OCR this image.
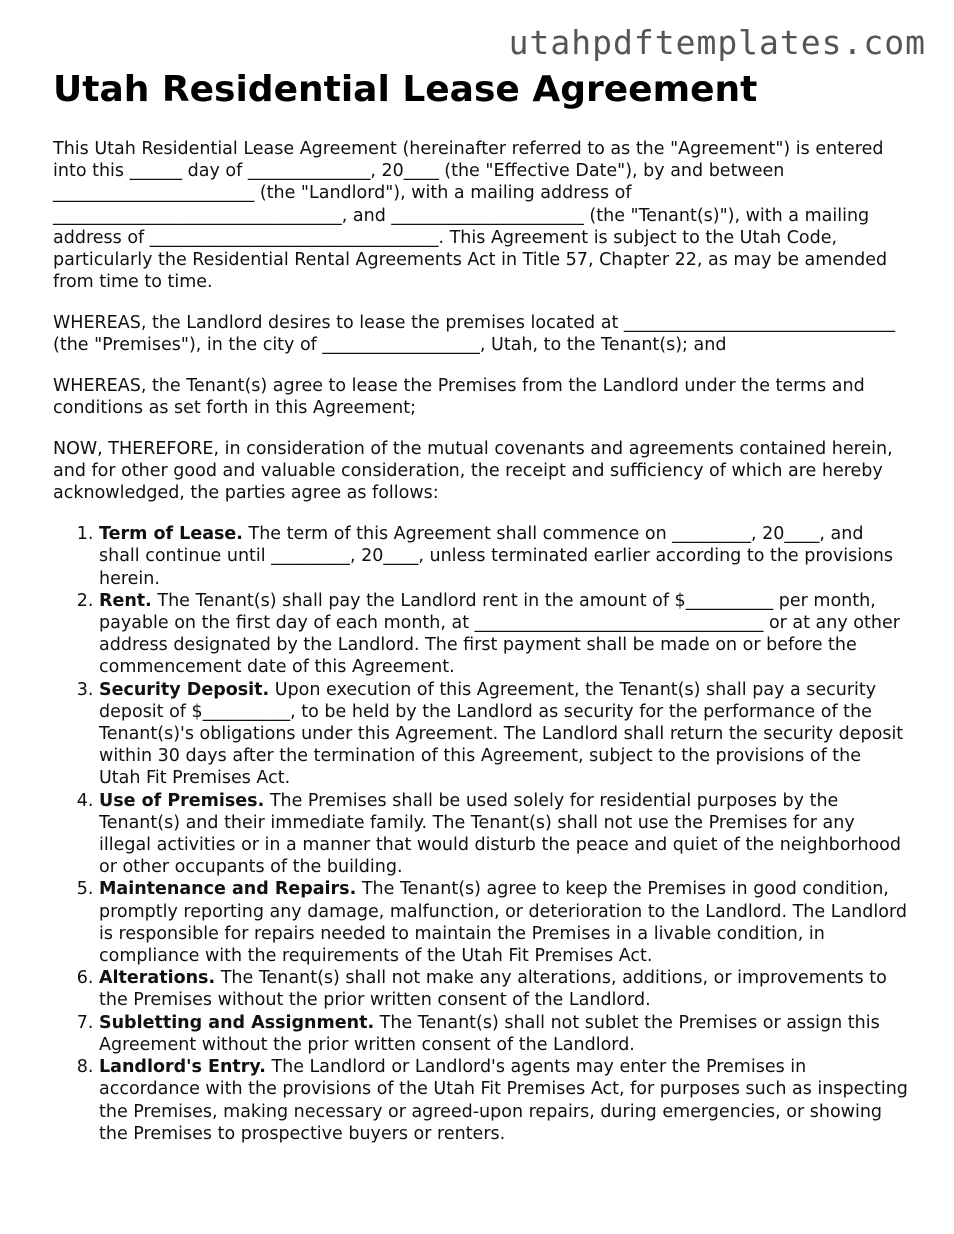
utahpdftemplates.com
Utah Residential Lease Agreement

This Utah Residential Lease Agreement (hereinafter referred to as the "Agreement") is entered into this ______ day of ______________, 20____ (the "Effective Date"), by and between _______________________ (the "Landlord"), with a mailing address of _________________________________, and ______________________ (the "Tenant(s)"), with a mailing address of _________________________________. This Agreement is subject to the Utah Code, particularly the Residential Rental Agreements Act in Title 57, Chapter 22, as may be amended from time to time.

WHEREAS, the Landlord desires to lease the premises located at _______________________________ (the "Premises"), in the city of __________________, Utah, to the Tenant(s); and

WHEREAS, the Tenant(s) agree to lease the Premises from the Landlord under the terms and conditions as set forth in this Agreement;

NOW, THEREFORE, in consideration of the mutual covenants and agreements contained herein, and for other good and valuable consideration, the receipt and sufficiency of which are hereby acknowledged, the parties agree as follows:

1. Term of Lease. The term of this Agreement shall commence on _________, 20____, and shall continue until _________, 20____, unless terminated earlier according to the provisions herein.
2. Rent. The Tenant(s) shall pay the Landlord rent in the amount of $__________ per month, payable on the first day of each month, at _________________________________ or at any other address designated by the Landlord. The first payment shall be made on or before the commencement date of this Agreement.
3. Security Deposit. Upon execution of this Agreement, the Tenant(s) shall pay a security deposit of $__________, to be held by the Landlord as security for the performance of the Tenant(s)'s obligations under this Agreement. The Landlord shall return the security deposit within 30 days after the termination of this Agreement, subject to the provisions of the Utah Fit Premises Act.
4. Use of Premises. The Premises shall be used solely for residential purposes by the Tenant(s) and their immediate family. The Tenant(s) shall not use the Premises for any illegal activities or in a manner that would disturb the peace and quiet of the neighborhood or other occupants of the building.
5. Maintenance and Repairs. The Tenant(s) agree to keep the Premises in good condition, promptly reporting any damage, malfunction, or deterioration to the Landlord. The Landlord is responsible for repairs needed to maintain the Premises in a livable condition, in compliance with the requirements of the Utah Fit Premises Act.
6. Alterations. The Tenant(s) shall not make any alterations, additions, or improvements to the Premises without the prior written consent of the Landlord.
7. Subletting and Assignment. The Tenant(s) shall not sublet the Premises or assign this Agreement without the prior written consent of the Landlord.
8. Landlord's Entry. The Landlord or Landlord's agents may enter the Premises in accordance with the provisions of the Utah Fit Premises Act, for purposes such as inspecting the Premises, making necessary or agreed-upon repairs, during emergencies, or showing the Premises to prospective buyers or renters.
